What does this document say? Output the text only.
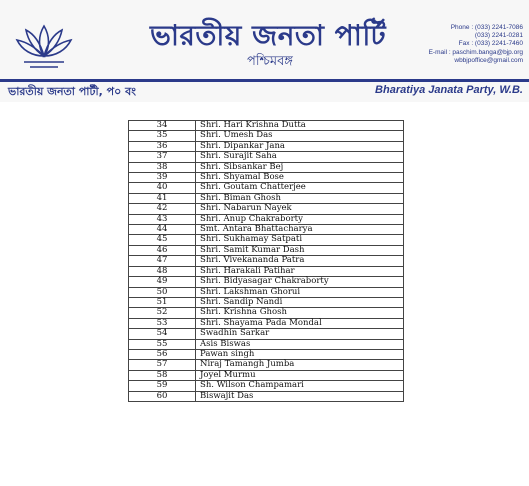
ভারতীয় জনতা পার্টি
পশ্চিমবঙ্গ
Phone : (033) 2241-7086
(033) 2241-0281
Fax : (033) 2241-7460
E-mail : paschim.banga@bjp.org
wbbjpoffice@gmail.com
ভারতীয় জনতা পার্টী, প০ বং	Bharatiya Janata Party, W.B.
34	Shri. Hari Krishna Dutta
35	Shri. Umesh Das
36	Shri. Dipankar Jana
37	Shri. Surajit Saha
38	Shri. Sibsankar Bej
39	Shri. Shyamal Bose
40	Shri. Goutam Chatterjee
41	Shri. Biman Ghosh
42	Shri. Nabarun Nayek
43	Shri. Anup Chakraborty
44	Smt. Antara Bhattacharya
45	Shri. Sukhamay Satpati
46	Shri. Samit Kumar Dash
47	Shri. Vivekananda Patra
48	Shri. Harakali Patihar
49	Shri. Bidyasagar Chakraborty
50	Shri. Lakshman Ghorui
51	Shri. Sandip Nandi
52	Shri. Krishna Ghosh
53	Shri. Shayama Pada Mondal
54	Swadhin Sarkar
55	Asis Biswas
56	Pawan singh
57	Niraj Tamangh Jumba
58	Joyel Murmu
59	Sh. Wilson Champamari
60	Biswajit Das
